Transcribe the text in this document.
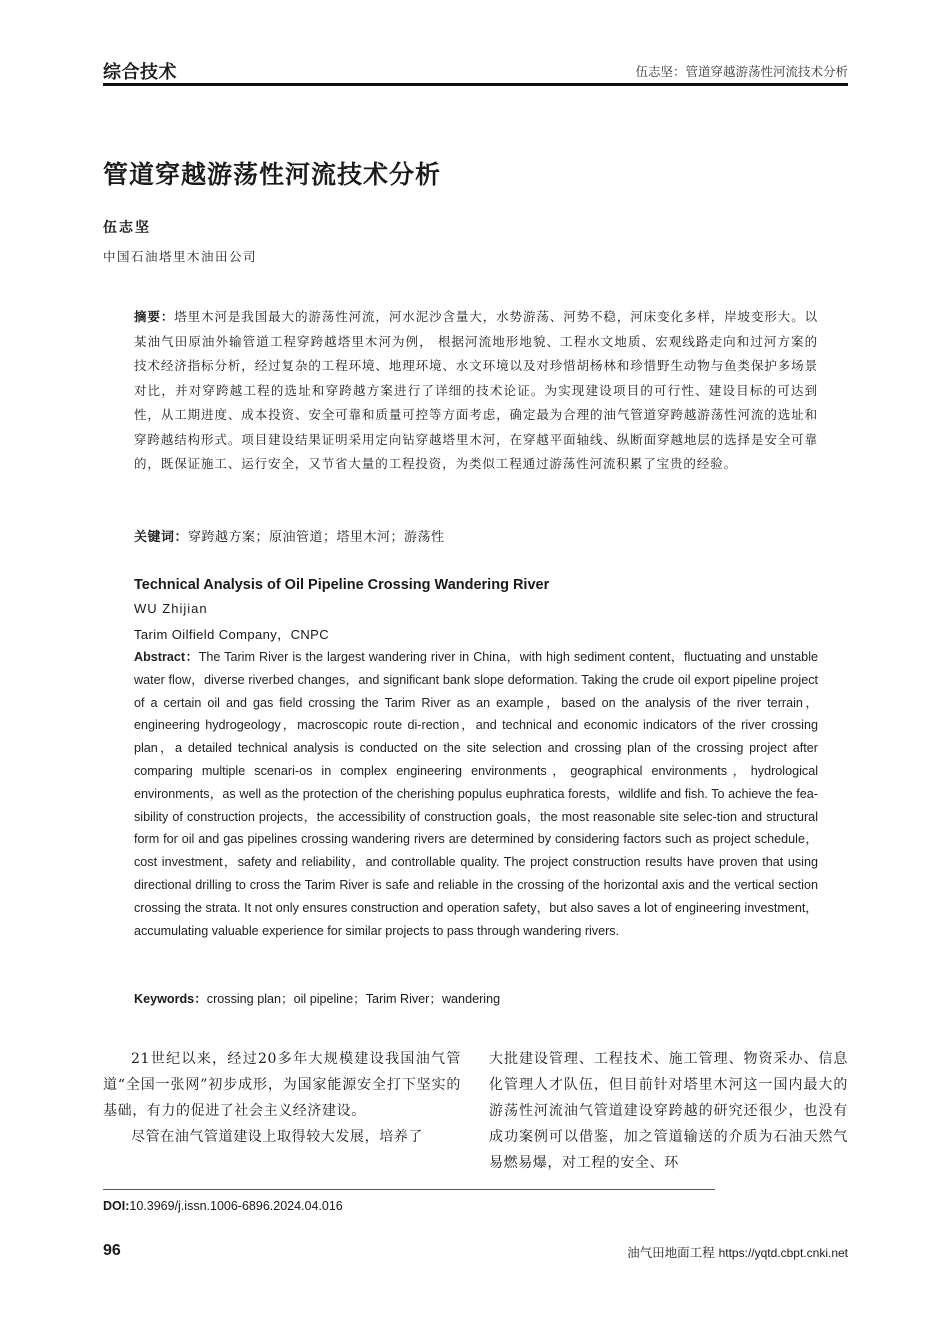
综合技术	伍志坚：管道穿越游荡性河流技术分析
管道穿越游荡性河流技术分析
伍志坚
中国石油塔里木油田公司
摘要：塔里木河是我国最大的游荡性河流，河水泥沙含量大，水势游荡、河势不稳，河床变化多样，岸坡变形大。以某油气田原油外输管道工程穿跨越塔里木河为例， 根据河流地形地貌、工程水文地质、宏观线路走向和过河方案的技术经济指标分析，经过复杂的工程环境、地理环境、水文环境以及对珍惜胡杨林和珍惜野生动物与鱼类保护多场景对比，并对穿跨越工程的选址和穿跨越方案进行了详细的技术论证。为实现建设项目的可行性、建设目标的可达到性，从工期进度、成本投资、安全可靠和质量可控等方面考虑，确定最为合理的油气管道穿跨越游荡性河流的选址和穿跨越结构形式。项目建设结果证明采用定向钻穿越塔里木河，在穿越平面轴线、纵断面穿越地层的选择是安全可靠的，既保证施工、运行安全，又节省大量的工程投资，为类似工程通过游荡性河流积累了宝贵的经验。
关键词：穿跨越方案；原油管道；塔里木河；游荡性
Technical Analysis of Oil Pipeline Crossing Wandering River
WU Zhijian
Tarim Oilfield Company，CNPC
Abstract：The Tarim River is the largest wandering river in China，with high sediment content，fluctuating and unstable water flow，diverse riverbed changes，and significant bank slope deformation. Taking the crude oil export pipeline project of a certain oil and gas field crossing the Tarim River as an example，based on the analysis of the river terrain，engineering hydrogeology，macroscopic route di-rection，and technical and economic indicators of the river crossing plan，a detailed technical analysis is conducted on the site selection and crossing plan of the crossing project after comparing multiple scenari-os in complex engineering environments，geographical environments，hydrological environments，as well as the protection of the cherishing populus euphratica forests，wildlife and fish. To achieve the fea-sibility of construction projects，the accessibility of construction goals，the most reasonable site selec-tion and structural form for oil and gas pipelines crossing wandering rivers are determined by considering factors such as project schedule，cost investment，safety and reliability，and controllable quality. The project construction results have proven that using directional drilling to cross the Tarim River is safe and reliable in the crossing of the horizontal axis and the vertical section crossing the strata. It not only ensures construction and operation safety，but also saves a lot of engineering investment，accumulating valuable experience for similar projects to pass through wandering rivers.
Keywords：crossing plan；oil pipeline；Tarim River；wandering

21世纪以来，经过20多年大规模建设我国油气管道“全国一张网”初步成形，为国家能源安全打下坚实的基础，有力的促进了社会主义经济建设。

尽管在油气管道建设上取得较大发展，培养了

大批建设管理、工程技术、施工管理、物资采办、信息化管理人才队伍，但目前针对塔里木河这一国内最大的游荡性河流油气管道建设穿跨越的研究还很少，也没有成功案例可以借鉴，加之管道输送的介质为石油天然气易燃易爆，对工程的安全、环

DOI:10.3969/j.issn.1006-6896.2024.04.016
96	油气田地面工程 https://yqtd.cbpt.cnki.net
